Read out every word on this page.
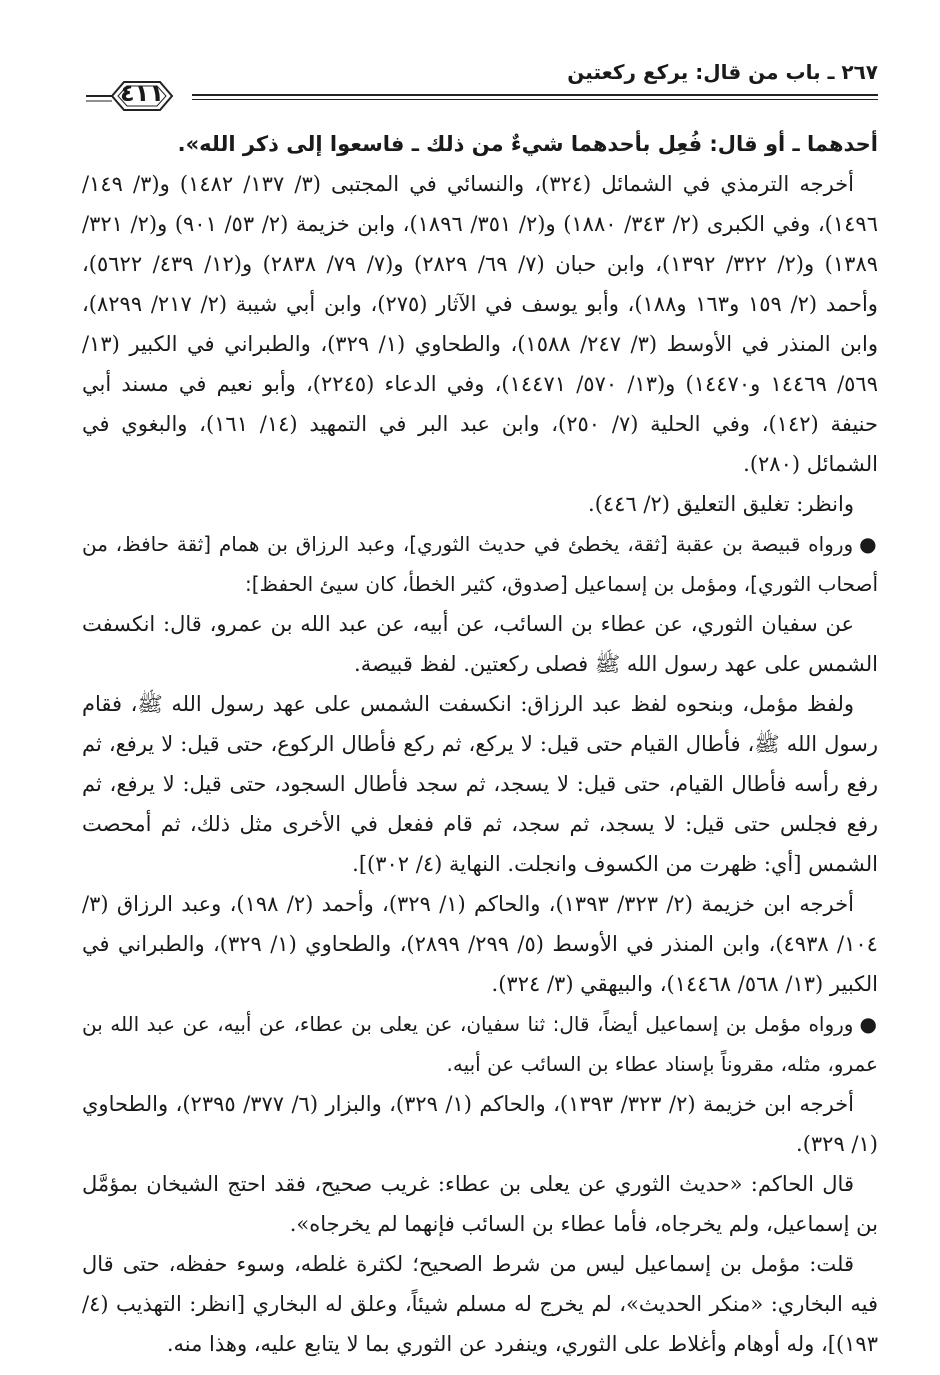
٢٦٧ ـ باب من قال: يركع ركعتين
٤١١

أحدهما ـ أو قال: فُعِل بأحدهما شيءٌ من ذلك ـ فاسعوا إلى ذكر الله».

أخرجه الترمذي في الشمائل (٣٢٤)، والنسائي في المجتبى (٣/ ١٣٧/ ١٤٨٢) و(٣/ ١٤٩/ ١٤٩٦)، وفي الكبرى (٢/ ٣٤٣/ ١٨٨٠) و(٢/ ٣٥١/ ١٨٩٦)، وابن خزيمة (٢/ ٥٣/ ٩٠١) و(٢/ ٣٢١/ ١٣٨٩) و(٢/ ٣٢٢/ ١٣٩٢)، وابن حبان (٧/ ٦٩/ ٢٨٢٩) و(٧/ ٧٩/ ٢٨٣٨) و(١٢/ ٤٣٩/ ٥٦٢٢)، وأحمد (٢/ ١٥٩ و١٦٣ و١٨٨)، وأبو يوسف في الآثار (٢٧٥)، وابن أبي شيبة (٢/ ٢١٧/ ٨٢٩٩)، وابن المنذر في الأوسط (٣/ ٢٤٧/ ١٥٨٨)، والطحاوي (١/ ٣٢٩)، والطبراني في الكبير (١٣/ ٥٦٩/ ١٤٤٦٩ و١٤٤٧٠) و(١٣/ ٥٧٠/ ١٤٤٧١)، وفي الدعاء (٢٢٤٥)، وأبو نعيم في مسند أبي حنيفة (١٤٢)، وفي الحلية (٧/ ٢٥٠)، وابن عبد البر في التمهيد (١٤/ ١٦١)، والبغوي في الشمائل (٢٨٠).

وانظر: تغليق التعليق (٢/ ٤٤٦).

●ورواه قبيصة بن عقبة [ثقة، يخطئ في حديث الثوري]، وعبد الرزاق بن همام [ثقة حافظ، من أصحاب الثوري]، ومؤمل بن إسماعيل [صدوق، كثير الخطأ، كان سيئ الحفظ]:

عن سفيان الثوري، عن عطاء بن السائب، عن أبيه، عن عبد الله بن عمرو، قال: انكسفت الشمس على عهد رسول الله ﷺ فصلى ركعتين. لفظ قبيصة.

ولفظ مؤمل، وبنحوه لفظ عبد الرزاق: انكسفت الشمس على عهد رسول الله ﷺ، فقام رسول الله ﷺ، فأطال القيام حتى قيل: لا يركع، ثم ركع فأطال الركوع، حتى قيل: لا يرفع، ثم رفع رأسه فأطال القيام، حتى قيل: لا يسجد، ثم سجد فأطال السجود، حتى قيل: لا يرفع، ثم رفع فجلس حتى قيل: لا يسجد، ثم سجد، ثم قام ففعل في الأخرى مثل ذلك، ثم أمحصت الشمس [أي: ظهرت من الكسوف وانجلت. النهاية (٤/ ٣٠٢)].

أخرجه ابن خزيمة (٢/ ٣٢٣/ ١٣٩٣)، والحاكم (١/ ٣٢٩)، وأحمد (٢/ ١٩٨)، وعبد الرزاق (٣/ ١٠٤/ ٤٩٣٨)، وابن المنذر في الأوسط (٥/ ٢٩٩/ ٢٨٩٩)، والطحاوي (١/ ٣٢٩)، والطبراني في الكبير (١٣/ ٥٦٨/ ١٤٤٦٨)، والبيهقي (٣/ ٣٢٤).

●ورواه مؤمل بن إسماعيل أيضاً، قال: ثنا سفيان، عن يعلى بن عطاء، عن أبيه، عن عبد الله بن عمرو، مثله، مقروناً بإسناد عطاء بن السائب عن أبيه.

أخرجه ابن خزيمة (٢/ ٣٢٣/ ١٣٩٣)، والحاكم (١/ ٣٢٩)، والبزار (٦/ ٣٧٧/ ٢٣٩٥)، والطحاوي (١/ ٣٢٩).

قال الحاكم: «حديث الثوري عن يعلى بن عطاء: غريب صحيح، فقد احتج الشيخان بمؤمَّل بن إسماعيل، ولم يخرجاه، فأما عطاء بن السائب فإنهما لم يخرجاه».

قلت: مؤمل بن إسماعيل ليس من شرط الصحيح؛ لكثرة غلطه، وسوء حفظه، حتى قال فيه البخاري: «منكر الحديث»، لم يخرج له مسلم شيئاً، وعلق له البخاري [انظر: التهذيب (٤/ ١٩٣)]، وله أوهام وأغلاط على الثوري، وينفرد عن الثوري بما لا يتابع عليه، وهذا منه.
